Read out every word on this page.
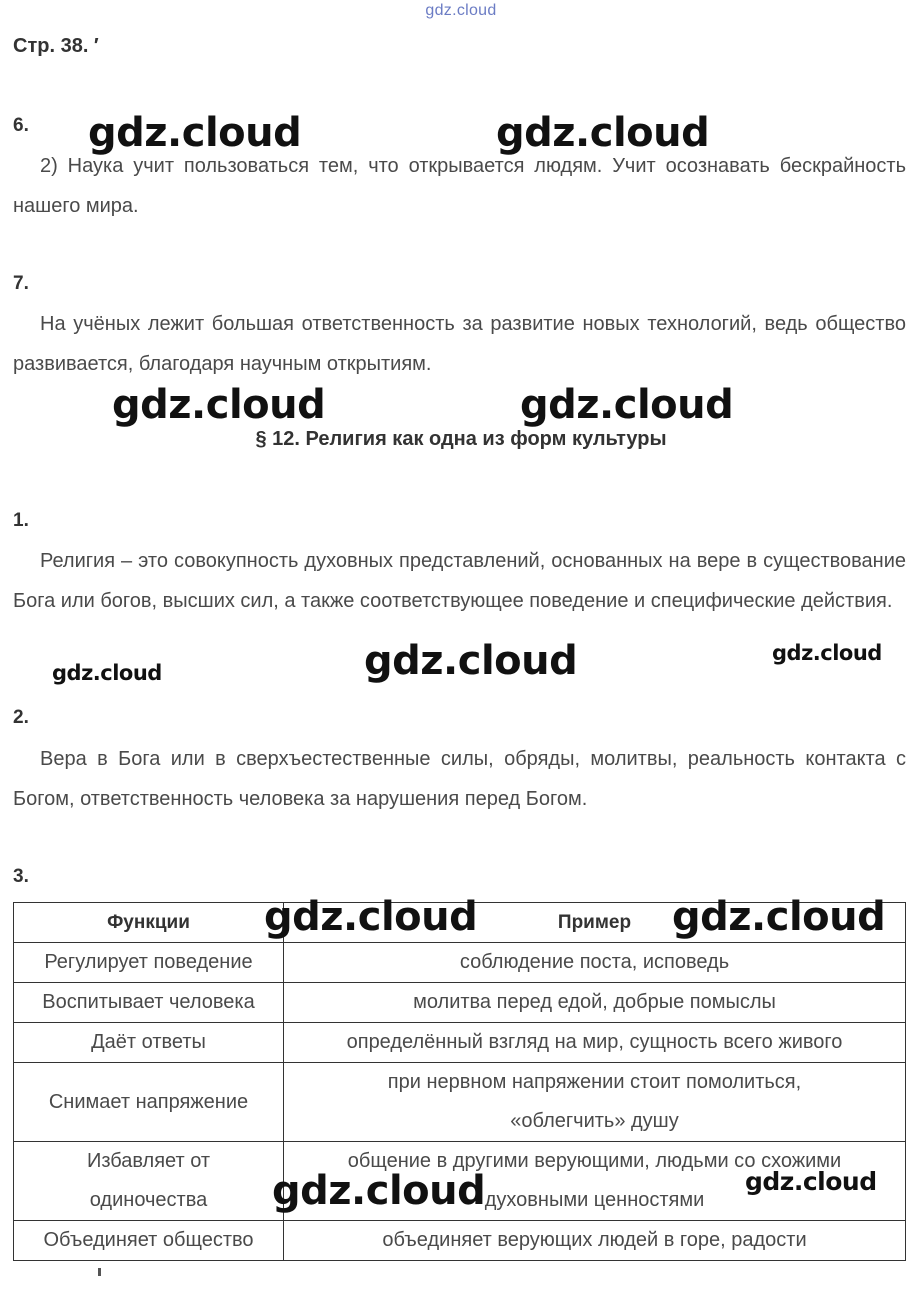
gdz.cloud
Стр. 38. ′
6.

2) Наука учит пользоваться тем, что открывается людям. Учит осознавать бескрайность нашего мира.

7.

На учёных лежит большая ответственность за развитие новых технологий, ведь общество развивается, благодаря научным открытиям.

§ 12. Религия как одна из форм культуры
1.

Религия – это совокупность духовных представлений, основанных на вере в существование Бога или богов, высших сил, а также соответствующее поведение и специфические действия.

2.

Вера в Бога или в сверхъестественные силы, обряды, молитвы, реальность контакта с Богом, ответственность человека за нарушения перед Богом.

3.
Функции	Пример
Регулирует поведение	соблюдение поста, исповедь
Воспитывает человека	молитва перед едой, добрые помыслы
Даёт ответы	определённый взгляд на мир, сущность всего живого
Снимает напряжение	при нервном напряжении стоит помолиться, «облегчить» душу
Избавляет от одиночества	общение в другими верующими, людьми со схожими духовными ценностями
Объединяет общество	объединяет верующих людей в горе, радости
gdz.cloud	gdz.cloud
gdz.cloud	gdz.cloud
gdz.cloud
gdz.cloud
gdz.cloud
gdz.cloud	gdz.cloud
gdz.cloud	gdz.cloud
